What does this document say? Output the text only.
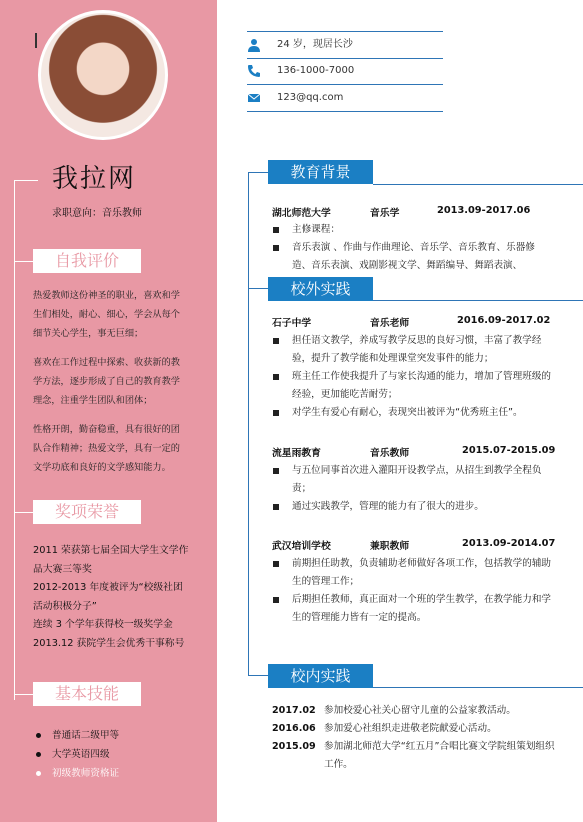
我拉网
求职意向：音乐教师
自我评价

热爱教师这份神圣的职业，喜欢和学生们相处，耐心、细心，学会从每个细节关心学生，事无巨细；

喜欢在工作过程中探索、收获新的教学方法，逐步形成了自己的教育教学理念，注重学生团队和团体；

性格开朗，勤奋稳重，具有很好的团队合作精神；热爱文学，具有一定的文学功底和良好的文学感知能力。

奖项荣誉
2011 荣获第七届全国大学生文学作
品大赛三等奖
2012-2013 年度被评为“校级社团
活动积极分子”
连续 3 个学年获得校一级奖学金
2013.12 获院学生会优秀干事称号
基本技能
普通话二级甲等
大学英语四级
初级教师资格证
24 岁，现居长沙
136-1000-7000
123@qq.com
教育背景
湖北师范大学	音乐学	2013.09-2017.06
主修课程：
音乐表演 、作曲与作曲理论、音乐学、音乐教育、乐器修造、音乐表演、戏剧影视文学、舞蹈编导、舞蹈表演、
校外实践
石子中学	音乐老师	2016.09-2017.02
担任语文教学，养成写教学反思的良好习惯，丰富了教学经验，提升了教学能和处理课堂突发事件的能力；
班主任工作使我提升了与家长沟通的能力，增加了管理班级的经验，更加能吃苦耐劳；
对学生有爱心有耐心，表现突出被评为“优秀班主任”。
流星雨教育	音乐教师	2015.07-2015.09
与五位同事首次进入灌阳开设教学点，从招生到教学全程负责；
通过实践教学，管理的能力有了很大的进步。
武汉培训学校	兼职教师	2013.09-2014.07
前期担任助教，负责辅助老师做好各项工作，包括教学的辅助生的管理工作；
后期担任教师，真正面对一个班的学生教学，在教学能力和学生的管理能力皆有一定的提高。
校内实践
2017.02 参加校爱心社关心留守儿童的公益家教活动。
2016.06 参加爱心社组织走进敬老院献爱心活动。
2015.09 参加湖北师范大学“红五月”合唱比赛文学院组策划组织工作。
